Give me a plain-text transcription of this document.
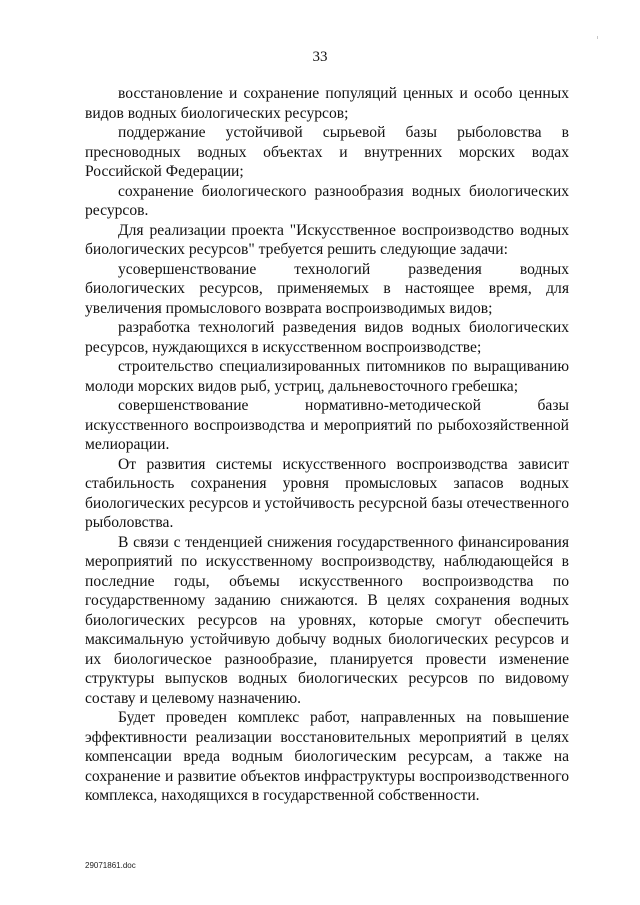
33

восстановление и сохранение популяций ценных и особо ценных видов водных биологических ресурсов;

поддержание устойчивой сырьевой базы рыболовства в пресноводных водных объектах и внутренних морских водах Российской Федерации;

сохранение биологического разнообразия водных биологических ресурсов.

Для реализации проекта "Искусственное воспроизводство водных биологических ресурсов" требуется решить следующие задачи:

усовершенствование технологий разведения водных биологических ресурсов, применяемых в настоящее время, для увеличения промыслового возврата воспроизводимых видов;

разработка технологий разведения видов водных биологических ресурсов, нуждающихся в искусственном воспроизводстве;

строительство специализированных питомников по выращиванию молоди морских видов рыб, устриц, дальневосточного гребешка;

совершенствование нормативно-методической базы искусственного воспроизводства и мероприятий по рыбохозяйственной мелиорации.

От развития системы искусственного воспроизводства зависит стабильность сохранения уровня промысловых запасов водных биологических ресурсов и устойчивость ресурсной базы отечественного рыболовства.

В связи с тенденцией снижения государственного финансирования мероприятий по искусственному воспроизводству, наблюдающейся в последние годы, объемы искусственного воспроизводства по государственному заданию снижаются. В целях сохранения водных биологических ресурсов на уровнях, которые смогут обеспечить максимальную устойчивую добычу водных биологических ресурсов и их биологическое разнообразие, планируется провести изменение структуры выпусков водных биологических ресурсов по видовому составу и целевому назначению.

Будет проведен комплекс работ, направленных на повышение эффективности реализации восстановительных мероприятий в целях компенсации вреда водным биологическим ресурсам, а также на сохранение и развитие объектов инфраструктуры воспроизводственного комплекса, находящихся в государственной собственности.

29071861.doc
